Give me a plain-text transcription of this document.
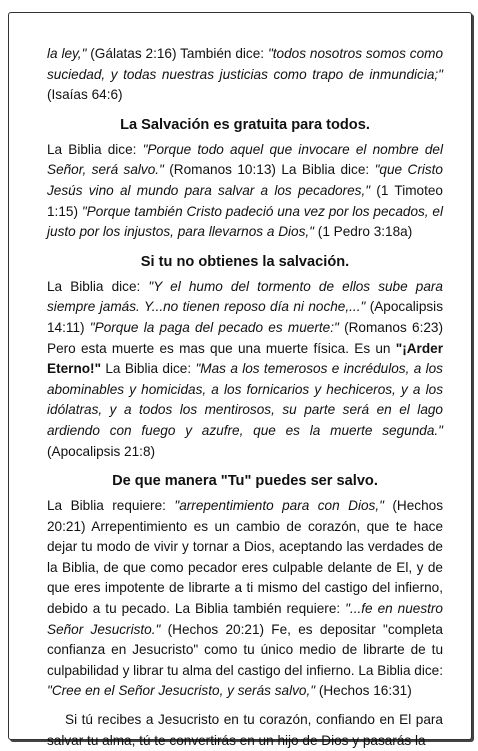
la ley," (Gálatas 2:16) También dice: "todos nosotros somos como suciedad, y todas nuestras justicias como trapo de inmundicia;" (Isaías 64:6)

La Salvación es gratuita para todos.

La Biblia dice: "Porque todo aquel que invocare el nombre del Señor, será salvo." (Romanos 10:13) La Biblia dice: "que Cristo Jesús vino al mundo para salvar a los pecadores," (1 Timoteo 1:15) "Porque también Cristo padeció una vez por los pecados, el justo por los injustos, para llevarnos a Dios," (1 Pedro 3:18a)

Si tu no obtienes la salvación.

La Biblia dice: "Y el humo del tormento de ellos sube para siempre jamás. Y...no tienen reposo día ni noche,..." (Apocalipsis 14:11) "Porque la paga del pecado es muerte:" (Romanos 6:23) Pero esta muerte es mas que una muerte física. Es un "¡Arder Eterno!" La Biblia dice: "Mas a los temerosos e incrédulos, a los abominables y homicidas, a los fornicarios y hechiceros, y a los idólatras, y a todos los mentirosos, su parte será en el lago ardiendo con fuego y azufre, que es la muerte segunda." (Apocalipsis 21:8)

De que manera "Tu" puedes ser salvo.

La Biblia requiere: "arrepentimiento para con Dios," (Hechos 20:21) Arrepentimiento es un cambio de corazón, que te hace dejar tu modo de vivir y tornar a Dios, aceptando las verdades de la Biblia, de que como pecador eres culpable delante de El, y de que eres impotente de librarte a ti mismo del castigo del infierno, debido a tu pecado. La Biblia también requiere: "...fe en nuestro Señor Jesucristo." (Hechos 20:21) Fe, es depositar "completa confianza en Jesucristo" como tu único medio de librarte de tu culpabilidad y librar tu alma del castigo del infierno. La Biblia dice: "Cree en el Señor Jesucristo, y serás salvo," (Hechos 16:31)

Si tú recibes a Jesucristo en tu corazón, confiando en El para salvar tu alma, tú te convertirás en un hijo de Dios y pasarás la
